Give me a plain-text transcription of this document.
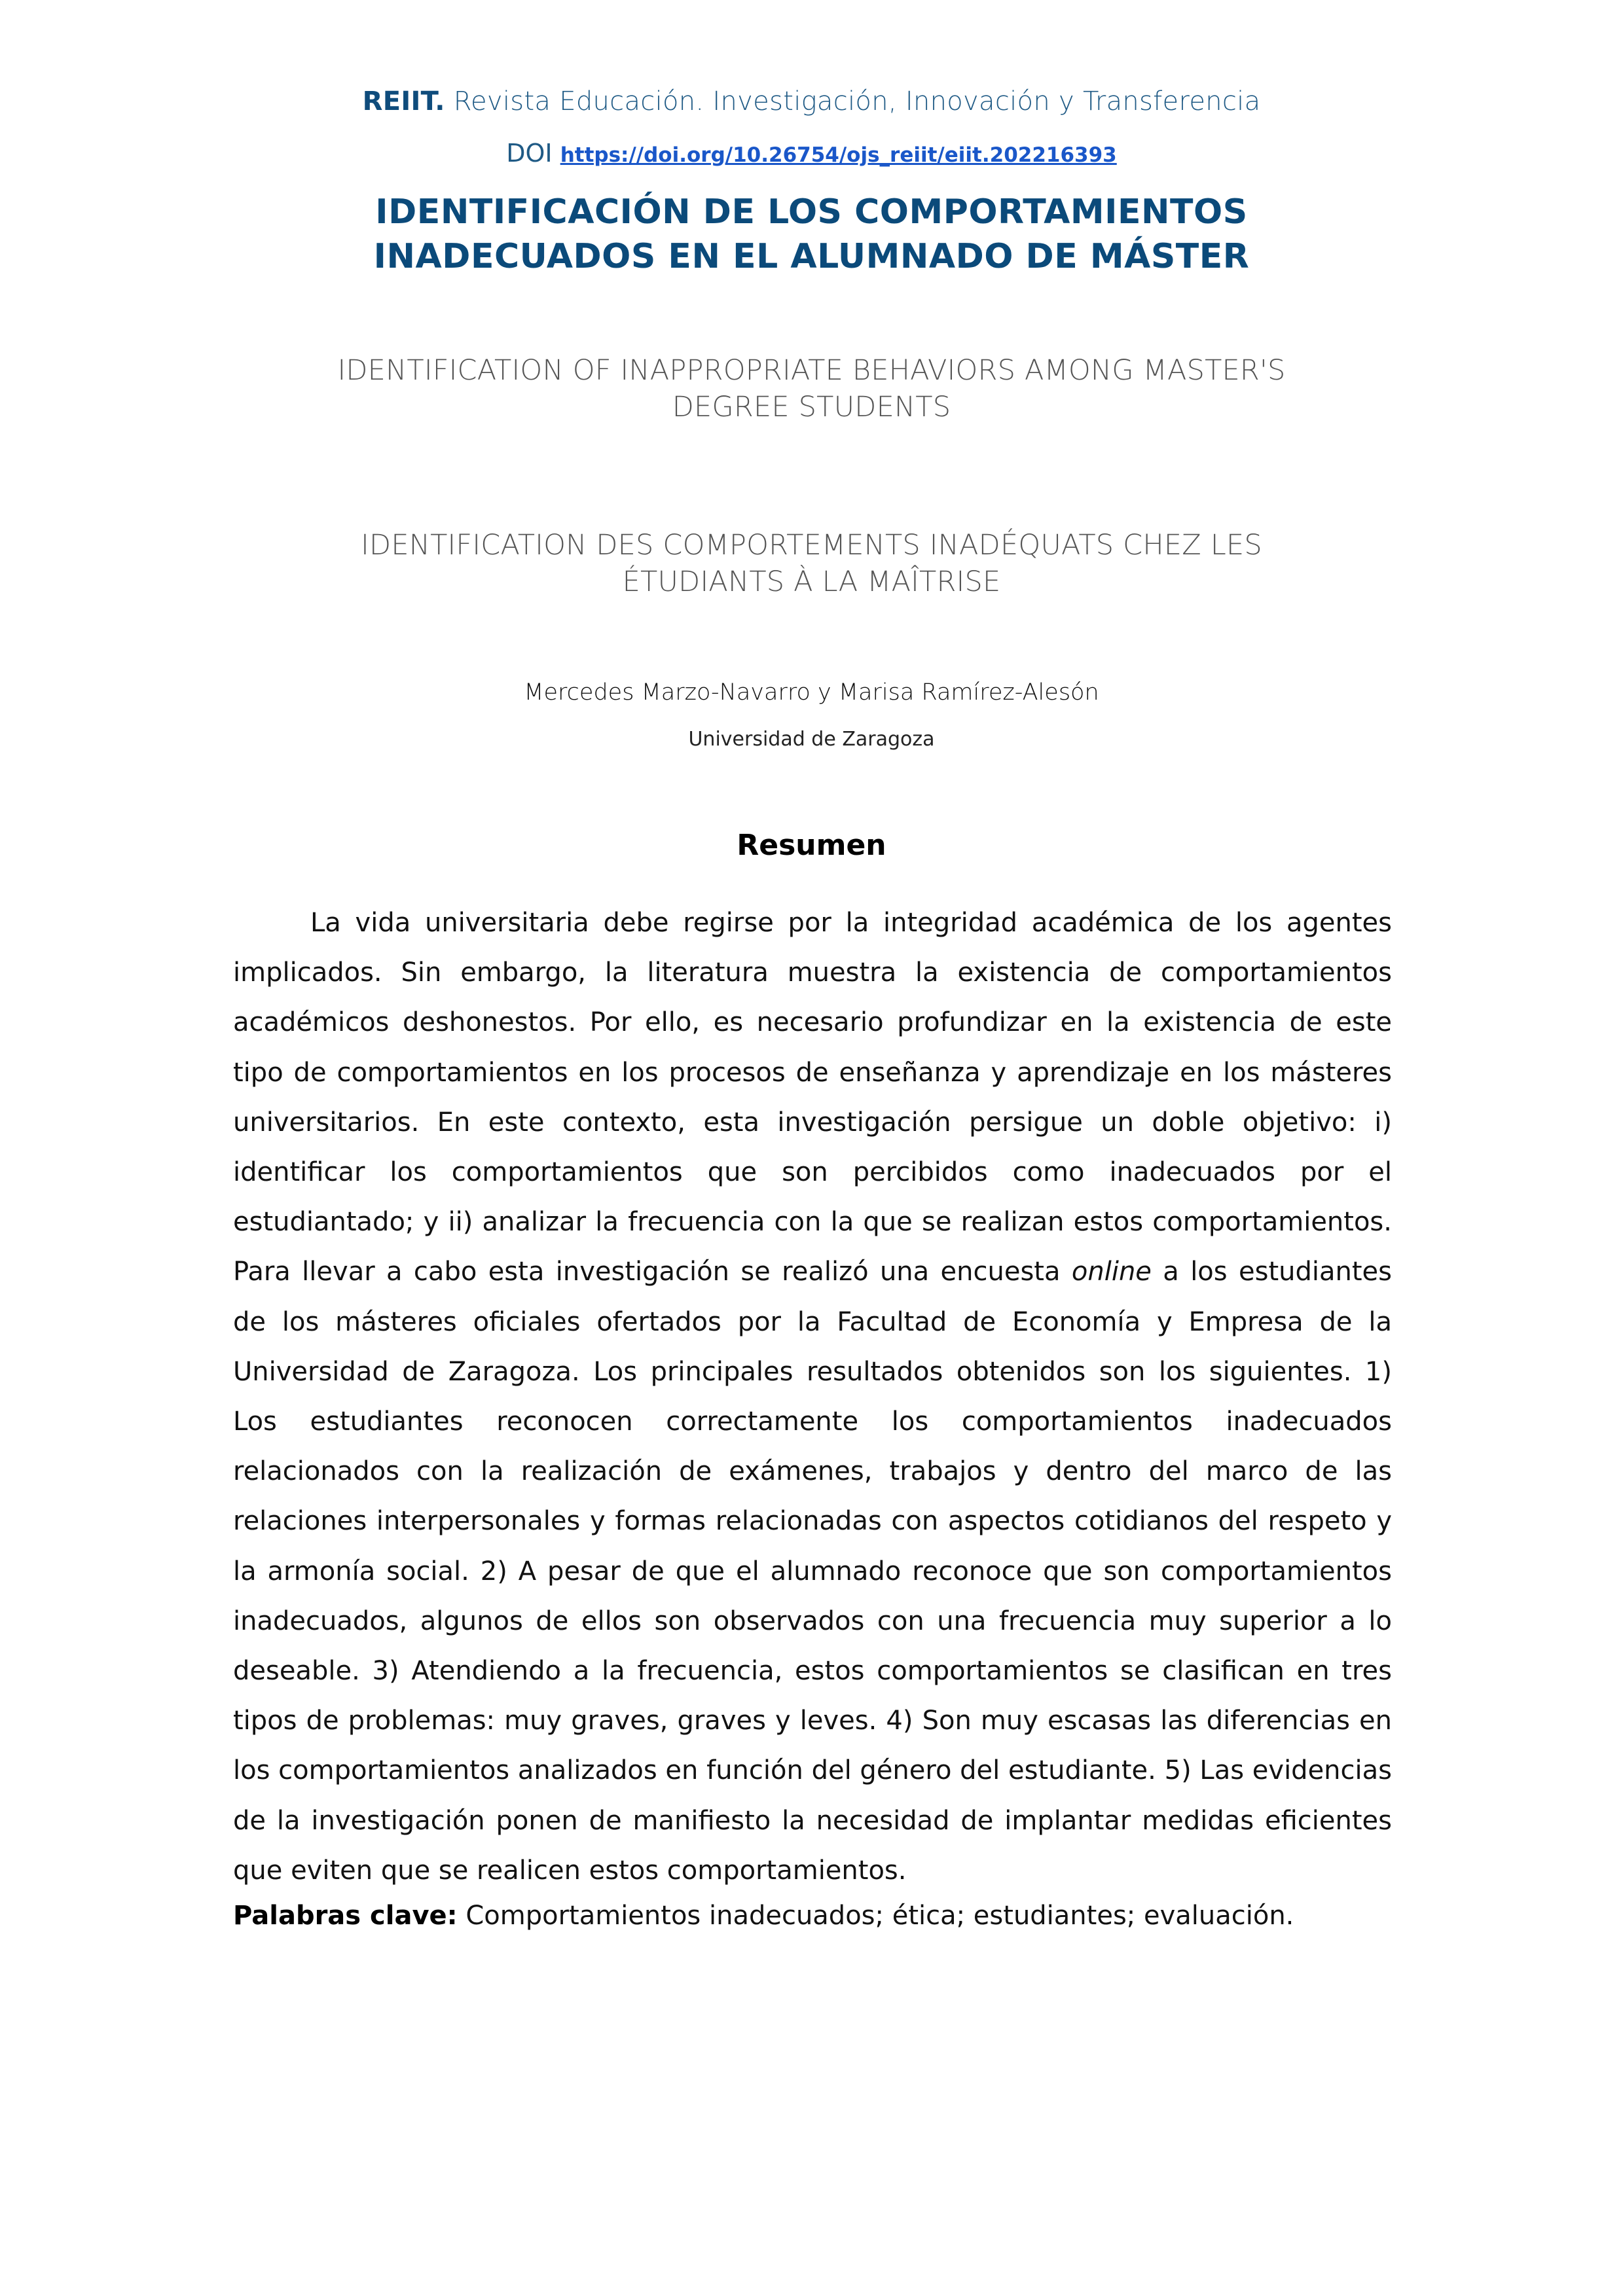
REIIT. Revista Educación. Investigación, Innovación y Transferencia
DOI https://doi.org/10.26754/ojs_reiit/eiit.202216393
IDENTIFICACIÓN DE LOS COMPORTAMIENTOS
INADECUADOS EN EL ALUMNADO DE MÁSTER
IDENTIFICATION OF INAPPROPRIATE BEHAVIORS AMONG MASTER'S
DEGREE STUDENTS
IDENTIFICATION DES COMPORTEMENTS INADÉQUATS CHEZ LES
ÉTUDIANTS À LA MAÎTRISE
Mercedes Marzo-Navarro y Marisa Ramírez-Alesón
Universidad de Zaragoza
Resumen

La vida universitaria debe regirse por la integridad académica de los agentes implicados. Sin embargo, la literatura muestra la existencia de comportamientos académicos deshonestos. Por ello, es necesario profundizar en la existencia de este tipo de comportamientos en los procesos de enseñanza y aprendizaje en los másteres universitarios. En este contexto, esta investigación persigue un doble objetivo: i) identificar los comportamientos que son percibidos como inadecuados por el estudiantado; y ii) analizar la frecuencia con la que se realizan estos comportamientos. Para llevar a cabo esta investigación se realizó una encuesta online a los estudiantes de los másteres oficiales ofertados por la Facultad de Economía y Empresa de la Universidad de Zaragoza. Los principales resultados obtenidos son los siguientes. 1) Los estudiantes reconocen correctamente los comportamientos inadecuados relacionados con la realización de exámenes, trabajos y dentro del marco de las relaciones interpersonales y formas relacionadas con aspectos cotidianos del respeto y la armonía social. 2) A pesar de que el alumnado reconoce que son comportamientos inadecuados, algunos de ellos son observados con una frecuencia muy superior a lo deseable. 3) Atendiendo a la frecuencia, estos comportamientos se clasifican en tres tipos de problemas: muy graves, graves y leves. 4) Son muy escasas las diferencias en los comportamientos analizados en función del género del estudiante. 5) Las evidencias de la investigación ponen de manifiesto la necesidad de implantar medidas eficientes que eviten que se realicen estos comportamientos.

Palabras clave: Comportamientos inadecuados; ética; estudiantes; evaluación.
